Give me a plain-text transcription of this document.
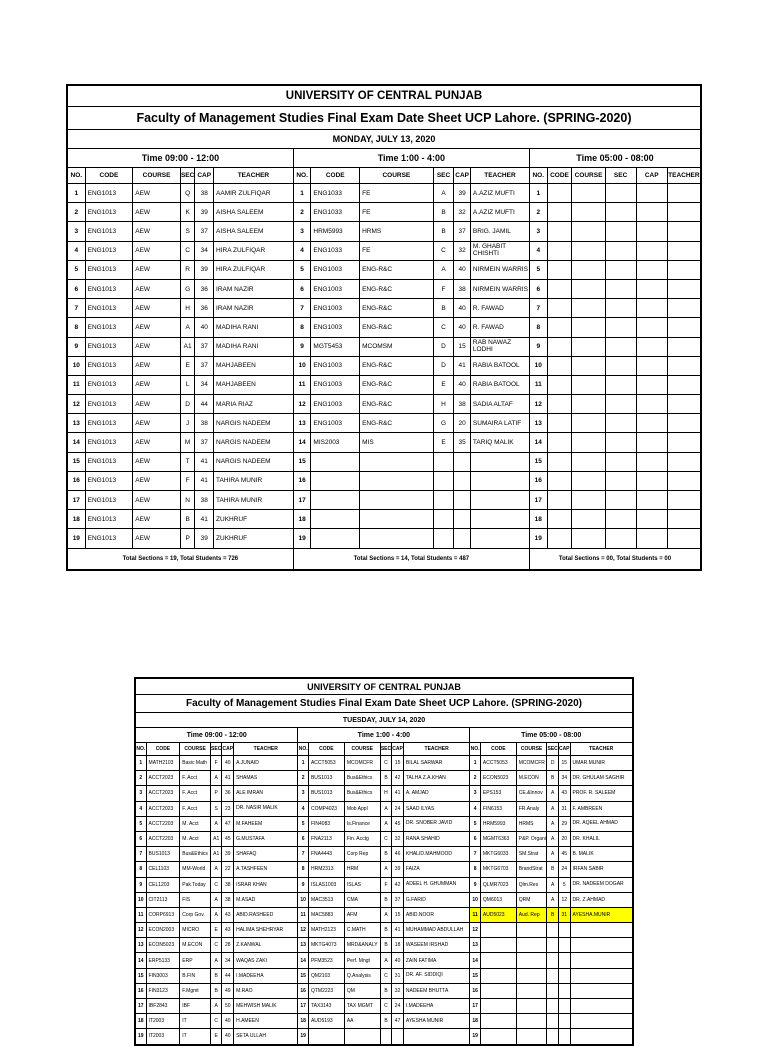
UNIVERSITY OF CENTRAL PUNJAB																	
Faculty of Management Studies Final Exam Date Sheet UCP Lahore. (SPRING-2020)																	
MONDAY, JULY 13, 2020																	
Time 09:00 - 12:00						Time 1:00 - 4:00						Time 05:00 - 08:00					
NO.	CODE	COURSE	SEC	CAP	TEACHER	NO.	CODE	COURSE	SEC	CAP	TEACHER	NO.	CODE	COURSE	SEC	CAP	TEACHER
1	ENG1013	AEW	Q	38	AAMIR ZULFIQAR	1	ENG1033	FE	A	39	A.AZIZ MUFTI	1					
2	ENG1013	AEW	K	39	AISHA SALEEM	2	ENG1033	FE	B	32	A.AZIZ MUFTI	2					
3	ENG1013	AEW	S	37	AISHA SALEEM	3	HRM5993	HRMS	B	37	BRIG. JAMIL	3					
4	ENG1013	AEW	C	34	HIRA ZULFIQAR	4	ENG1033	FE	C	32	M. GHABIT CHISHTI	4					
5	ENG1013	AEW	R	39	HIRA ZULFIQAR	5	ENG1003	ENG-R&C	A	40	NIRMEIN WARRIS	5					
6	ENG1013	AEW	G	36	IRAM NAZIR	6	ENG1003	ENG-R&C	F	38	NIRMEIN WARRIS	6					
7	ENG1013	AEW	H	36	IRAM NAZIR	7	ENG1003	ENG-R&C	B	40	R. FAWAD	7					
8	ENG1013	AEW	A	40	MADIHA RANI	8	ENG1003	ENG-R&C	C	40	R. FAWAD	8					
9	ENG1013	AEW	A1	37	MADIHA RANI	9	MGT5453	MCOMSM	D	15	RAB NAWAZ LODHI	9					
10	ENG1013	AEW	E	37	MAHJABEEN	10	ENG1003	ENG-R&C	D	41	RABIA BATOOL	10					
11	ENG1013	AEW	L	34	MAHJABEEN	11	ENG1003	ENG-R&C	E	40	RABIA BATOOL	11					
12	ENG1013	AEW	D	44	MARIA RIAZ	12	ENG1003	ENG-R&C	H	38	SADIA ALTAF	12					
13	ENG1013	AEW	J	38	NARGIS NADEEM	13	ENG1003	ENG-R&C	G	20	SUMAIRA LATIF	13					
14	ENG1013	AEW	M	37	NARGIS NADEEM	14	MIS2003	MIS	E	35	TARIQ MALIK	14					
15	ENG1013	AEW	T	41	NARGIS NADEEM	15						15					
16	ENG1013	AEW	F	41	TAHIRA MUNIR	16						16					
17	ENG1013	AEW	N	38	TAHIRA MUNIR	17						17					
18	ENG1013	AEW	B	41	ZUKHRUF	18						18					
19	ENG1013	AEW	P	39	ZUKHRUF	19						19					
Total Sections = 19, Total Students = 726						Total Sections = 14, Total Students = 487						Total Sections = 00, Total Students = 00					
UNIVERSITY OF CENTRAL PUNJAB																	
Faculty of Management Studies Final Exam Date Sheet UCP Lahore. (SPRING-2020)																	
TUESDAY, JULY 14, 2020																	
Time 09:00 - 12:00						Time 1:00 - 4:00						Time 05:00 - 08:00					
NO.	CODE	COURSE	SEC	CAP	TEACHER	NO.	CODE	COURSE	SEC	CAP	TEACHER	NO.	CODE	COURSE	SEC	CAP	TEACHER
1	MATH2103	Basic Math	F	40	A.JUNAID	1	ACCT5053	MCOMCFR	C	15	BILAL SARWAR	1	ACCT5053	MCOMCFR	D	15	UMAR.MUNIR
2	ACCT2023	F. Acct	A	41	SHAMAS	2	BUS1013	Bus&Ethics	B	42	TALHA Z.A.KHAN	2	ECON5023	M.ECON	B	34	DR. GHULAM SAGHIR
3	ACCT2023	F. Acct	P	36	ALE IMRAN	3	BUS1013	Bus&Ethics	H	41	A. AMJAD	3	EPS153	CE.&Innov	A	43	PROF. R. SALEEM
4	ACCT2023	F. Acct	S	23	DR. NASIR MALIK	4	COMP4023	Mob Appl	A	24	SAAD ILYAS	4	FIN6153	FR.Analy	A	31	F. AMBREEN
5	ACCT2203	M. Acct	A	47	M.FAHEEM	5	FIN4083	Is.Finance	A	45	DR. SNOBER JAVID	5	HRM5993	HRMS	A	29	DR. AQEEL AHMAD
6	ACCT2203	M. Acct	A1	45	G.MUSTAFA	6	FNA2113	Fin. Acctg	C	32	RANA SHAHID	6	MGMT6363	P&P. Organi	A	20	DR. KHALIL
7	BUS1013	Bus&Ethics	A1	39	SHAFAQ	7	FNA4443	Corp Rep	B	46	KHALID.MAHMOOD	7	MKTG6033	SM.Strat	A	45	B. MALIK
8	CEL1103	MM-World	A	22	A.TASHFEEN	8	HRM2313	HRM	A	39	FAIZA	8	MKTG6703	BrandStrat	B	24	IRFAN SABIR
9	CEL1203	Pak.Today	C	38	ISRAR KHAN	9	ISLAS1003	ISLAS	F	42	ADEEL H. GHUMMAN	9	QLMR7023	Qlm.Res	A	5	DR. NADEEM DOGAR
10	CIT2113	FIS	A	38	M.ASAD	10	MAC3513	CMA	B	37	G.FARID	10	QM6013	QRM	A	12	DR. Z.AHMAD
11	CORP6913	Corp Gov.	A	43	ABID.RASHEED	11	MAC5883	AFM	A	15	ABID.NOOR	11	AUD5023	Aud. Rep	B	31	AYESHA.MUNIR
12	ECON2003	MICRO	E	43	HALIMA SHEHRYAR	12	MATH2123	C.MATH	B	41	MUHAMMAD ABDULLAH	12					
13	ECON5023	M.ECON	C	28	Z.KANWAL	13	MKTG4073	MRD&ANALY	B	18	WASEEM IRSHAD	13					
14	ERP5133	ERP	A	34	WAQAS ZAKI	14	PFM3523	Perf. Mngt	A	40	ZAIN FATIMA	14					
15	FIN3003	B.FIN	B	44	I.MADEEHA	15	QM2103	Q.Analysis	C	31	DR. AF. SIDDIQI	15					
16	FIN3123	F.Mgmt	B	49	M.RAO	16	QTM2223	QM	B	32	NADEEM BHUTTA	16					
17	IBF2843	IBF	A	50	MEHWISH MALIK	17	TAX3143	TAX MGMT	C	24	I.MADEEHA	17					
18	IT2003	IT	C	40	H.AMEEN	18	AUD5193	AA	B	47	AYESHA MUNIR	18					
19	IT2003	IT	E	40	SETA ULLAH	19						19					
